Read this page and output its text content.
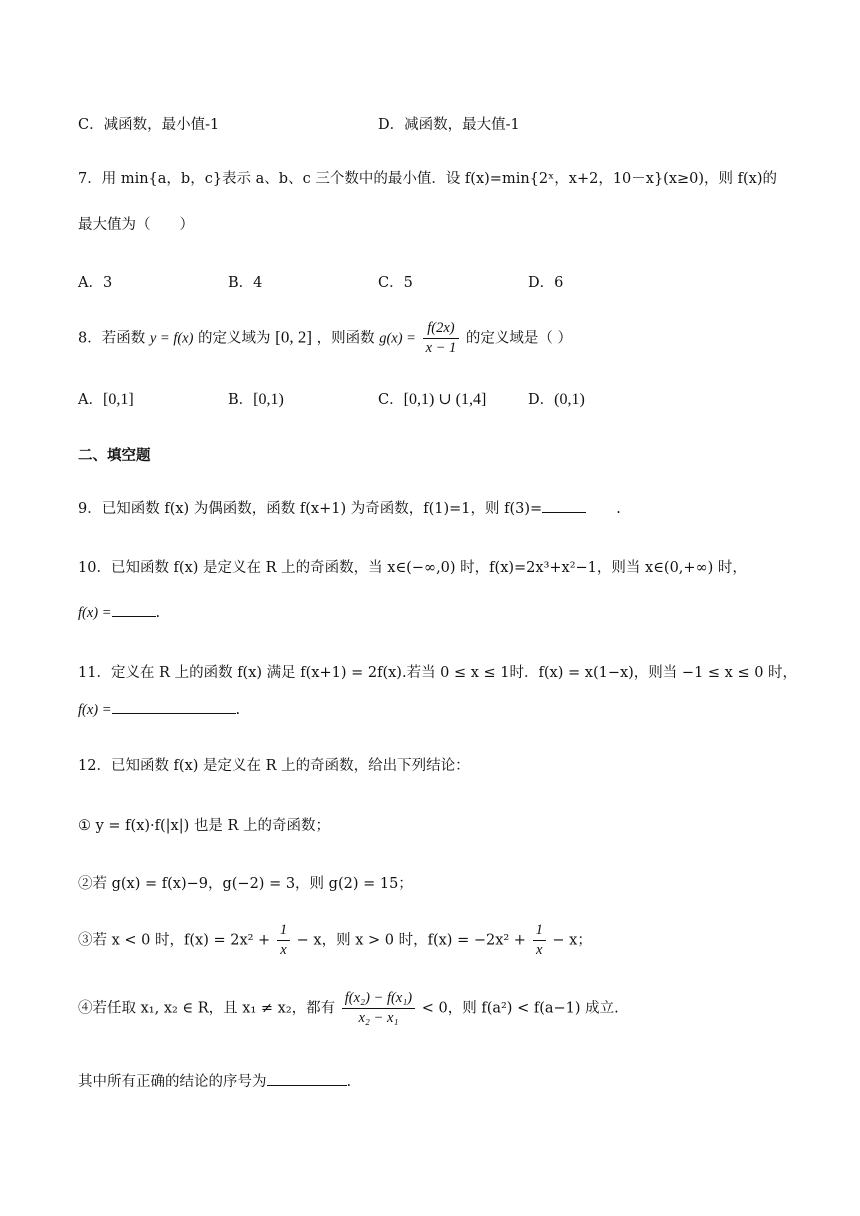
C．减函数，最小值-1	D．减函数，最大值-1
7．用 min{a，b，c}表示 a、b、c 三个数中的最小值．设 f(x)=min{2ˣ，x+2，10－x}(x≥0)，则 f(x)的
最大值为（　　）
A．3	B．4	C．5	D．6
8．若函数 y = f(x) 的定义域为 [0, 2] ，则函数 $g(x) = \frac{f(2x)}{x - 1}$ 的定义域是（ ）
A．[0,1]	B．[0,1)	C．[0,1) ∪ (1,4]	D．(0,1)
二、填空题
9．已知函数 f(x) 为偶函数，函数 f(x+1) 为奇函数，f(1)=1，则 f(3)=	.
10．已知函数 f(x) 是定义在 R 上的奇函数，当 x∈(−∞,0) 时，f(x)=2x³+x²−1，则当 x∈(0,+∞) 时，
f(x) =	.
11．定义在 R 上的函数 f(x) 满足 f(x+1) = 2f(x).若当 0 ≤ x ≤ 1时．f(x) = x(1−x)，则当 −1 ≤ x ≤ 0 时，
f(x) =	.
12．已知函数 f(x) 是定义在 R 上的奇函数，给出下列结论：
① y = f(x)·f(|x|) 也是 R 上的奇函数；
②若 g(x) = f(x)−9，g(−2) = 3，则 g(2) = 15；
③若 x < 0 时，$f(x) = 2x^2 + \frac{1}{x} - x$，则 x > 0 时，$f(x) = -2x^2 + \frac{1}{x} - x$；
④若任取 x₁, x₂ ∈ R，且 x₁ ≠ x₂，都有 $\frac{\text{f(x₂) − f(x₁)}}{\text{x₂ − x₁}} < 0$，则 f(a²) < f(a−1) 成立.
其中所有正确的结论的序号为	.
